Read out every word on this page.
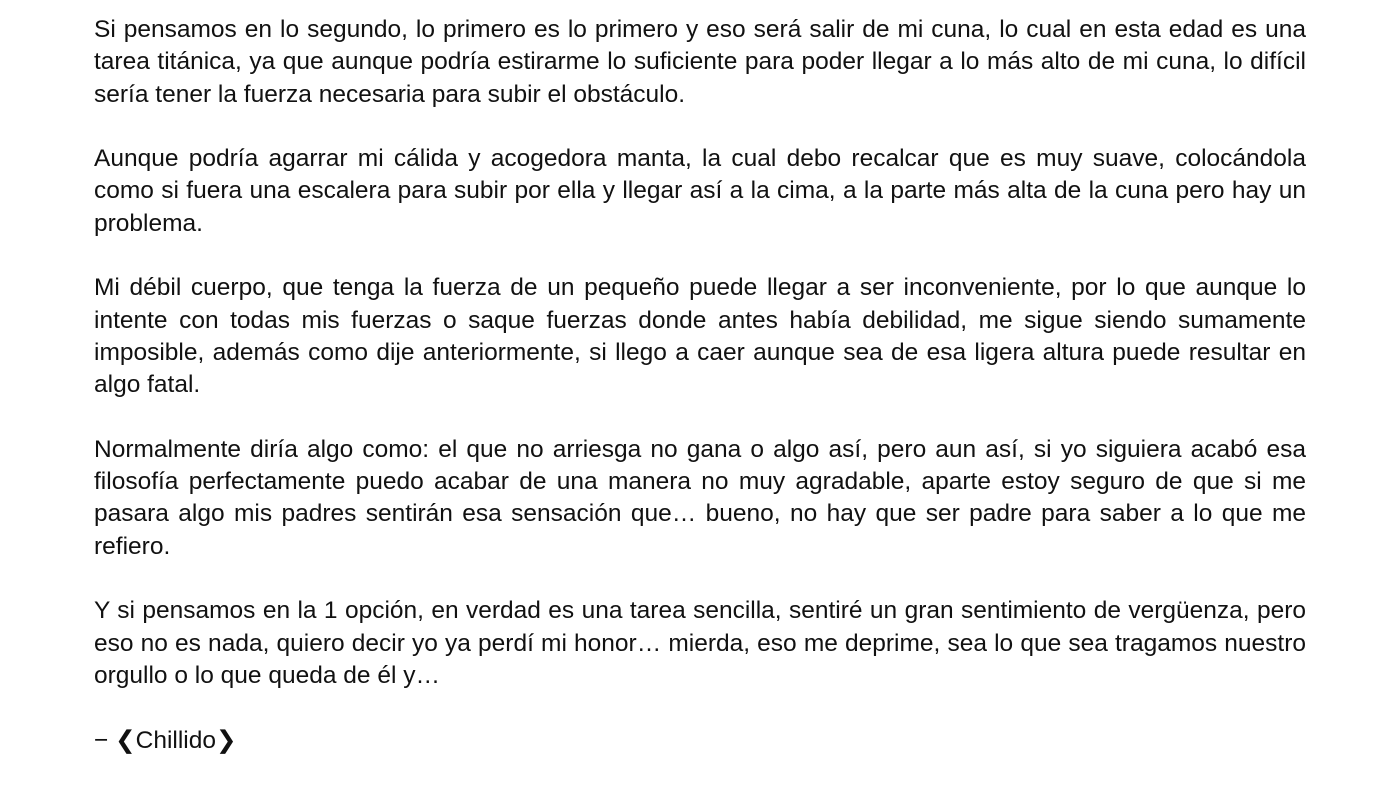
Si pensamos en lo segundo, lo primero es lo primero y eso será salir de mi cuna, lo cual en esta edad es una tarea titánica, ya que aunque podría estirarme lo suficiente para poder llegar a lo más alto de mi cuna, lo difícil sería tener la fuerza necesaria para subir el obstáculo.

Aunque podría agarrar mi cálida y acogedora manta, la cual debo recalcar que es muy suave, colocándola como si fuera una escalera para subir por ella y llegar así a la cima, a la parte más alta de la cuna pero hay un problema.

Mi débil cuerpo, que tenga la fuerza de un pequeño puede llegar a ser inconveniente, por lo que aunque lo intente con todas mis fuerzas o saque fuerzas donde antes había debilidad, me sigue siendo sumamente imposible, además como dije anteriormente, si llego a caer aunque sea de esa ligera altura puede resultar en algo fatal.

Normalmente diría algo como: el que no arriesga no gana o algo así, pero aun así, si yo siguiera acabó esa filosofía perfectamente puedo acabar de una manera no muy agradable, aparte estoy seguro de que si me pasara algo mis padres sentirán esa sensación que… bueno, no hay que ser padre para saber a lo que me refiero.

Y si pensamos en la 1 opción, en verdad es una tarea sencilla, sentiré un gran sentimiento de vergüenza, pero eso no es nada, quiero decir yo ya perdí mi honor… mierda, eso me deprime, sea lo que sea tragamos nuestro orgullo o lo que queda de él y…

− ❮Chillido❯
